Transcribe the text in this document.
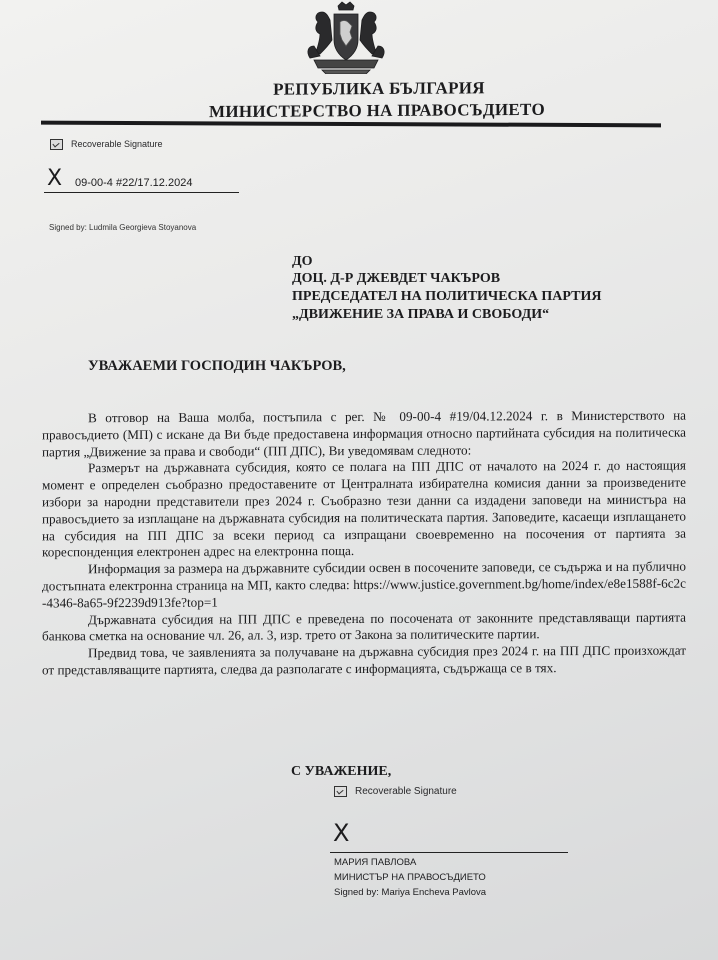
РЕПУБЛИКА БЪЛГАРИЯ
МИНИСТЕРСТВО НА ПРАВОСЪДИЕТО
Recoverable Signature
X 09-00-4 #22/17.12.2024
Signed by: Ludmila Georgieva Stoyanova
ДО
ДОЦ. Д-Р ДЖЕВДЕТ ЧАКЪРОВ
ПРЕДСЕДАТЕЛ НА ПОЛИТИЧЕСКА ПАРТИЯ
„ДВИЖЕНИЕ ЗА ПРАВА И СВОБОДИ“
УВАЖАЕМИ ГОСПОДИН ЧАКЪРОВ,

В отговор на Ваша молба, постъпила с рег. № 09-00-4 #19/04.12.2024 г. в Министерството на правосъдието (МП) с искане да Ви бъде предоставена информация относно партийната субсидия на политическа партия „Движение за права и свободи“ (ПП ДПС), Ви уведомявам следното:

Размерът на държавната субсидия, която се полага на ПП ДПС от началото на 2024 г. до настоящия момент е определен съобразно предоставените от Централната избирателна комисия данни за произведените избори за народни представители през 2024 г. Съобразно тези данни са издадени заповеди на министъра на правосъдието за изплащане на държавната субсидия на политическата партия. Заповедите, касаещи изплащането на субсидия на ПП ДПС за всеки период са изпращани своевременно на посочения от партията за кореспонденция електронен адрес на електронна поща.

Информация за размера на държавните субсидии освен в посочените заповеди, се съдържа и на публично достъпната електронна страница на МП, както следва: https://www.justice.government.bg/home/index/e8e1588f-6c2c-4346-8a65-9f2239d913fe?top=1

Държавната субсидия на ПП ДПС е преведена по посочената от законните представляващи партията банкова сметка на основание чл. 26, ал. 3, изр. трето от Закона за политическите партии.

Предвид това, че заявленията за получаване на държавна субсидия през 2024 г. на ПП ДПС произхождат от представляващите партията, следва да разполагате с информацията, съдържаща се в тях.

С УВАЖЕНИЕ,
Recoverable Signature
X
МАРИЯ ПАВЛОВА
МИНИСТЪР НА ПРАВОСЪДИЕТО
Signed by: Mariya Encheva Pavlova
